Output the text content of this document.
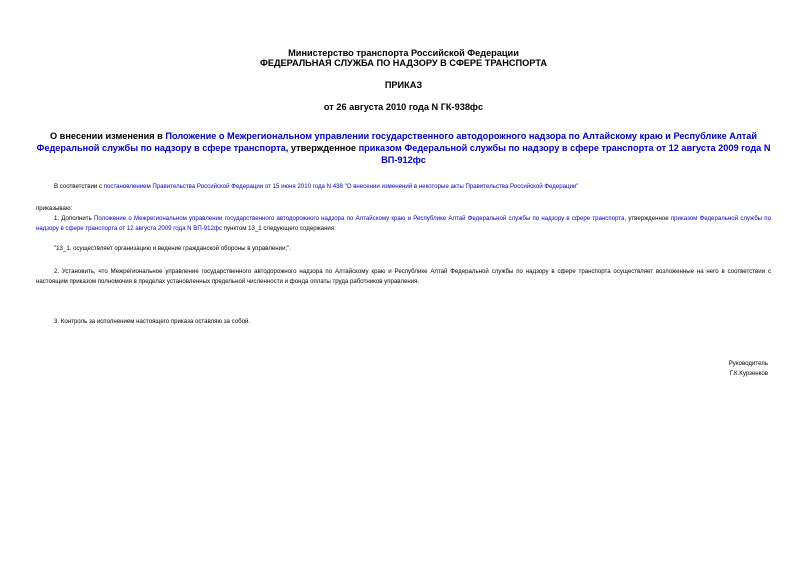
Министерство транспорта Российской Федерации
ФЕДЕРАЛЬНАЯ СЛУЖБА ПО НАДЗОРУ В СФЕРЕ ТРАНСПОРТА
ПРИКАЗ
от 26 августа 2010 года N ГК-938фс
О внесении изменения в Положение о Межрегиональном управлении государственного автодорожного надзора по Алтайскому краю и Республике Алтай Федеральной службы по надзору в сфере транспорта, утвержденное приказом Федеральной службы по надзору в сфере транспорта от 12 августа 2009 года N ВП-912фс
В соответствии с постановлением Правительства Российской Федерации от 15 июня 2010 года N 438 "О внесении изменений в некоторые акты Правительства Российской Федерации"
приказываю:
1. Дополнить Положение о Межрегиональном управлении государственного автодорожного надзора по Алтайскому краю и Республике Алтай Федеральной службы по надзору в сфере транспорта, утвержденное приказом Федеральной службы по надзору в сфере транспорта от 12 августа 2009 года N ВП-912фс пунктом 13_1 следующего содержания:
"13_1. осуществляет организацию и ведение гражданской обороны в управлении;".
2. Установить, что Межрегиональное управление государственного автодорожного надзора по Алтайскому краю и Республике Алтай Федеральной службы по надзору в сфере транспорта осуществляет возложенные на него в соответствии с настоящим приказом полномочия в пределах установленных предельной численности и фонда оплаты труда работников управления.
3. Контроль за исполнением настоящего приказа оставляю за собой.
Руководитель
Г.К.Курзенков
